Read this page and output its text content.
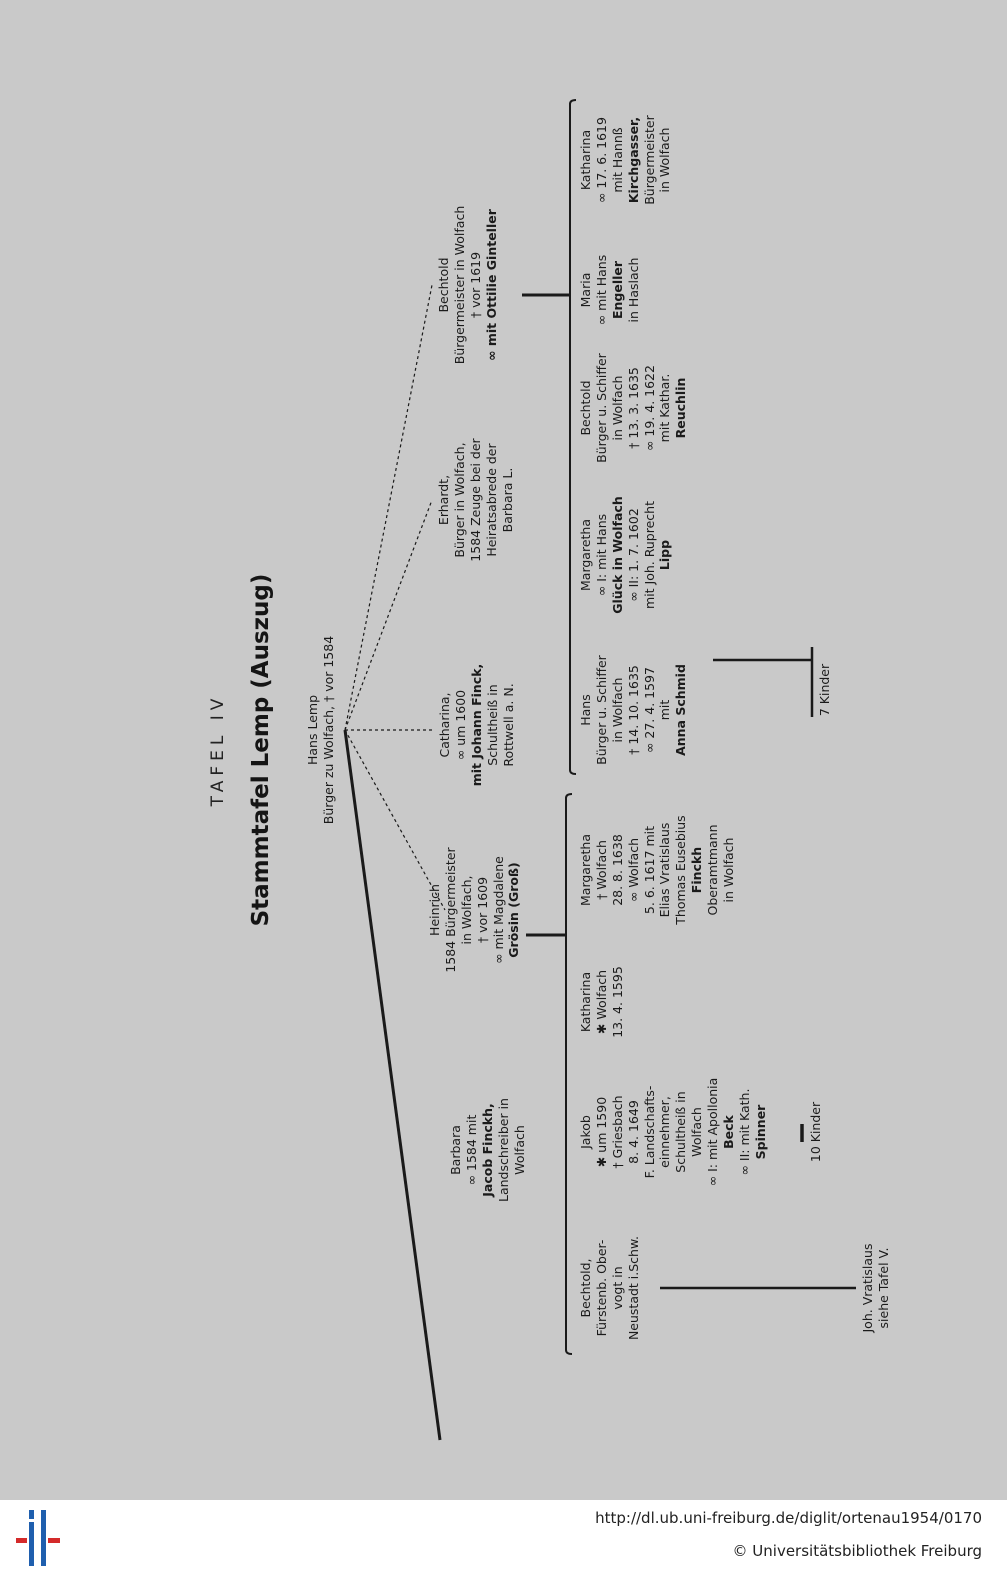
TAFEL IV Stammtafel Lemp (Auszug) Hans Lemp Bürger zu Wolfach, † vor 1584
Barbara ∞ 1584 mit Jacob Finckh, Landschreiber in Wolfach
Heinrich 1584 Bürgermeister in Wolfach, † vor 1609 ∞ mit Magdalene Grösin (Groß)
Catharina, ∞ um 1600 mit Johann Finck, Schultheiß in Rottwell a. N.
Erhardt, Bürger in Wolfach, 1584 Zeuge bei der Heiratsabrede der Barbara L.
Bechtold Bürgermeister in Wolfach † vor 1619 ∞ mit Ottilie Ginteller
Bechtold, Fürstenb. Ober- vogt in Neustadt i.Schw.
Jakob ✱ um 1590 † Griesbach 8. 4. 1649 F. Landschafts- einnehmer, Schultheiß in Wolfach ∞ I: mit Apollonia Beck ∞ II: mit Kath. Spinner
Katharina ✱ Wolfach 13. 4. 1595
Margaretha † Wolfach 28. 8. 1638 ∞ Wolfach 5. 6. 1617 mit Elias Vratislaus Thomas Eusebius Finckh Oberamtmann in Wolfach
Hans Bürger u. Schiffer in Wolfach † 14. 10. 1635 ∞ 27. 4. 1597 mit Anna Schmid
Margaretha ∞ I: mit Hans Glück in Wolfach ∞ II: 1. 7. 1602 mit Joh. Ruprecht Lipp
Bechtold Bürger u. Schiffer in Wolfach † 13. 3. 1635 ∞ 19. 4. 1622 mit Kathar. Reuchlin
Maria ∞ mit Hans Engeller in Haslach
Katharina ∞ 17. 6. 1619 mit Hannß Kirchgasser, Bürgermeister in Wolfach
Joh. Vratislaus siehe Tafel V.
10 Kinder
7 Kinder
http://dl.ub.uni-freiburg.de/diglit/ortenau1954/0170
© Universitätsbibliothek Freiburg
